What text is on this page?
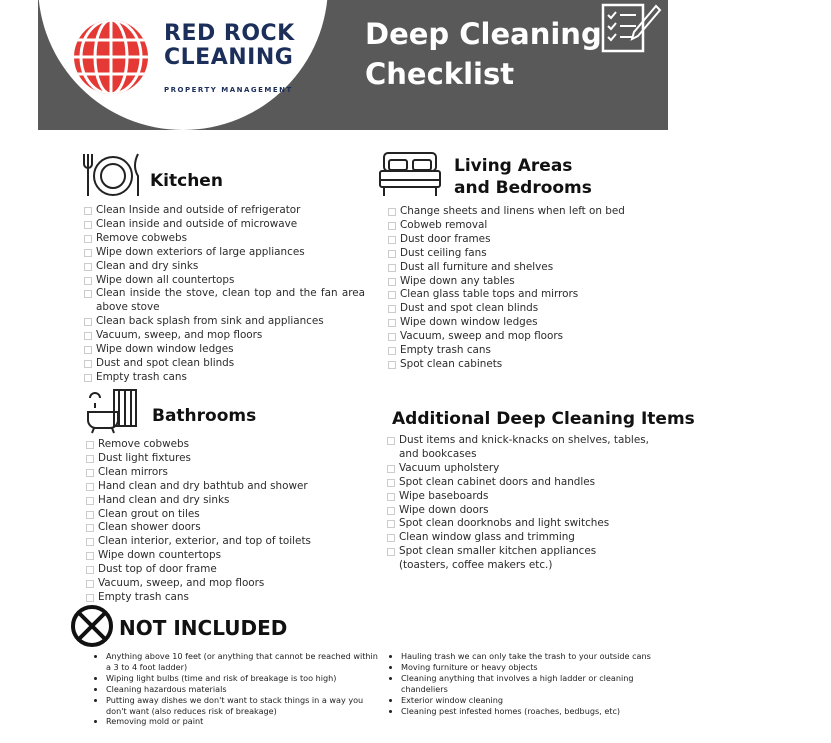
RED ROCK
CLEANING
PROPERTY MANAGEMENT
Deep Cleaning
Checklist
Kitchen
Clean Inside and outside of refrigerator
Clean inside and outside of microwave
Remove cobwebs
Wipe down exteriors of large appliances
Clean and dry sinks
Wipe down all countertops
Clean inside the stove, clean top and the fan area above stove
Clean back splash from sink and appliances
Vacuum, sweep, and mop floors
Wipe down window ledges
Dust and spot clean blinds
Empty trash cans
Living Areas
and Bedrooms
Change sheets and linens when left on bed
Cobweb removal
Dust door frames
Dust ceiling fans
Dust all furniture and shelves
Wipe down any tables
Clean glass table tops and mirrors
Dust and spot clean blinds
Wipe down window ledges
Vacuum, sweep and mop floors
Empty trash cans
Spot clean cabinets
Bathrooms
Remove cobwebs
Dust light fixtures
Clean mirrors
Hand clean and dry bathtub and shower
Hand clean and dry sinks
Clean grout on tiles
Clean shower doors
Clean interior, exterior, and top of toilets
Wipe down countertops
Dust top of door frame
Vacuum, sweep, and mop floors
Empty trash cans
Additional Deep Cleaning Items
Dust items and knick-knacks on shelves, tables, and bookcases
Vacuum upholstery
Spot clean cabinet doors and handles
Wipe baseboards
Wipe down doors
Spot clean doorknobs and light switches
Clean window glass and trimming
Spot clean smaller kitchen appliances (toasters, coffee makers etc.)
NOT INCLUDED
• Anything above 10 feet (or anything that cannot be reached within a 3 to 4 foot ladder)
• Wiping light bulbs (time and risk of breakage is too high)
• Cleaning hazardous materials
• Putting away dishes we don't want to stack things in a way you don't want (also reduces risk of breakage)
• Removing mold or paint
• Hauling trash we can only take the trash to your outside cans
• Moving furniture or heavy objects
• Cleaning anything that involves a high ladder or cleaning chandeliers
• Exterior window cleaning
• Cleaning pest infested homes (roaches, bedbugs, etc)
